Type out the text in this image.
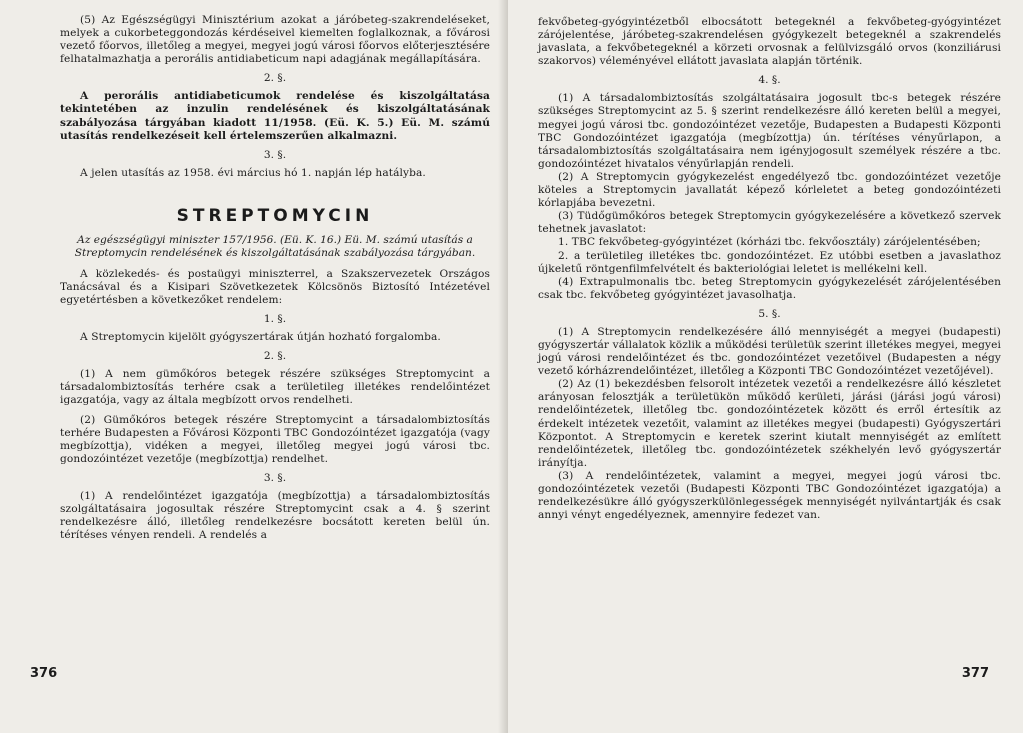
(5) Az Egészségügyi Minisztérium azokat a járóbeteg-szakrendeléseket, melyek a cukorbeteggondozás kérdéseivel kiemelten foglalkoznak, a fővárosi vezető főorvos, illetőleg a megyei, megyei jogú városi főorvos előterjesztésére felhatalmazhatja a perorális antidiabeticum napi adagjának megállapítására.

2. §.

A perorális antidiabeticumok rendelése és kiszolgáltatása tekintetében az inzulin rendelésének és kiszolgáltatásának szabályozása tárgyában kiadott 11/1958. (Eü. K. 5.) Eü. M. számú utasítás rendelkezéseit kell értelemszerűen alkalmazni.

3. §.

A jelen utasítás az 1958. évi március hó 1. napján lép hatályba.

STREPTOMYCIN
Az egészségügyi miniszter 157/1956. (Eü. K. 16.) Eü. M. számú utasítás a Streptomycin rendelésének és kiszolgáltatásának szabályozása tárgyában.

A közlekedés- és postaügyi miniszterrel, a Szakszervezetek Országos Tanácsával és a Kisipari Szövetkezetek Kölcsönös Biztosító Intézetével egyetértésben a következőket rendelem:

1. §.

A Streptomycin kijelölt gyógyszertárak útján hozható forgalomba.

2. §.

(1) A nem gümőkóros betegek részére szükséges Streptomycint a társadalombiztosítás terhére csak a területileg illetékes rendelőintézet igazgatója, vagy az általa megbízott orvos rendelheti.

(2) Gümőkóros betegek részére Streptomycint a társadalombiztosítás terhére Budapesten a Fővárosi Központi TBC Gondozóintézet igazgatója (vagy megbízottja), vidéken a megyei, illetőleg megyei jogú városi tbc. gondozóintézet vezetője (megbízottja) rendelhet.

3. §.

(1) A rendelőintézet igazgatója (megbízottja) a társadalombiztosítás szolgáltatásaira jogosultak részére Streptomycint csak a 4. § szerint rendelkezésre álló, illetőleg rendelkezésre bocsátott kereten belül ún. térítéses vényen rendeli. A rendelés a

376

fekvőbeteg-gyógyintézetből elbocsátott betegeknél a fekvőbeteg-gyógyintézet zárójelentése, járóbeteg-szakrendelésen gyógykezelt betegeknél a szakrendelés javaslata, a fekvőbetegeknél a körzeti orvosnak a felülvizsgáló orvos (konziliárusi szakorvos) véleményével ellátott javaslata alapján történik.

4. §.

(1) A társadalombiztosítás szolgáltatásaira jogosult tbc-s betegek részére szükséges Streptomycint az 5. § szerint rendelkezésre álló kereten belül a megyei, megyei jogú városi tbc. gondozóintézet vezetője, Budapesten a Budapesti Központi TBC Gondozóintézet igazgatója (megbízottja) ún. térítéses vényűrlapon, a társadalombiztosítás szolgáltatásaira nem igényjogosult személyek részére a tbc. gondozóintézet hivatalos vényűrlapján rendeli.

(2) A Streptomycin gyógykezelést engedélyező tbc. gondozóintézet vezetője köteles a Streptomycin javallatát képező kórleletet a beteg gondozóintézeti kórlapjába bevezetni.

(3) Tüdőgümőkóros betegek Streptomycin gyógykezelésére a következő szervek tehetnek javaslatot:

1. TBC fekvőbeteg-gyógyintézet (kórházi tbc. fekvőosztály) zárójelentésében;

2. a területileg illetékes tbc. gondozóintézet. Ez utóbbi esetben a javaslathoz újkeletű röntgenfilmfelvételt és bakteriológiai leletet is mellékelni kell.

(4) Extrapulmonalis tbc. beteg Streptomycin gyógykezelését zárójelentésében csak tbc. fekvőbeteg gyógyintézet javasolhatja.

5. §.

(1) A Streptomycin rendelkezésére álló mennyiségét a megyei (budapesti) gyógyszertár vállalatok közlik a működési területük szerint illetékes megyei, megyei jogú városi rendelőintézet és tbc. gondozóintézet vezetőivel (Budapesten a négy vezető kórházrendelőintézet, illetőleg a Központi TBC Gondozóintézet vezetőjével).

(2) Az (1) bekezdésben felsorolt intézetek vezetői a rendelkezésre álló készletet arányosan felosztják a területükön működő kerületi, járási (járási jogú városi) rendelőintézetek, illetőleg tbc. gondozóintézetek között és erről értesítik az érdekelt intézetek vezetőit, valamint az illetékes megyei (budapesti) Gyógyszertári Központot. A Streptomycin e keretek szerint kiutalt mennyiségét az említett rendelőintézetek, illetőleg tbc. gondozóintézetek székhelyén levő gyógyszertár irányítja.

(3) A rendelőintézetek, valamint a megyei, megyei jogú városi tbc. gondozóintézetek vezetői (Budapesti Központi TBC Gondozóintézet igazgatója) a rendelkezésükre álló gyógyszerkülönlegességek mennyiségét nyilvántartják és csak annyi vényt engedélyeznek, amennyire fedezet van.

377
